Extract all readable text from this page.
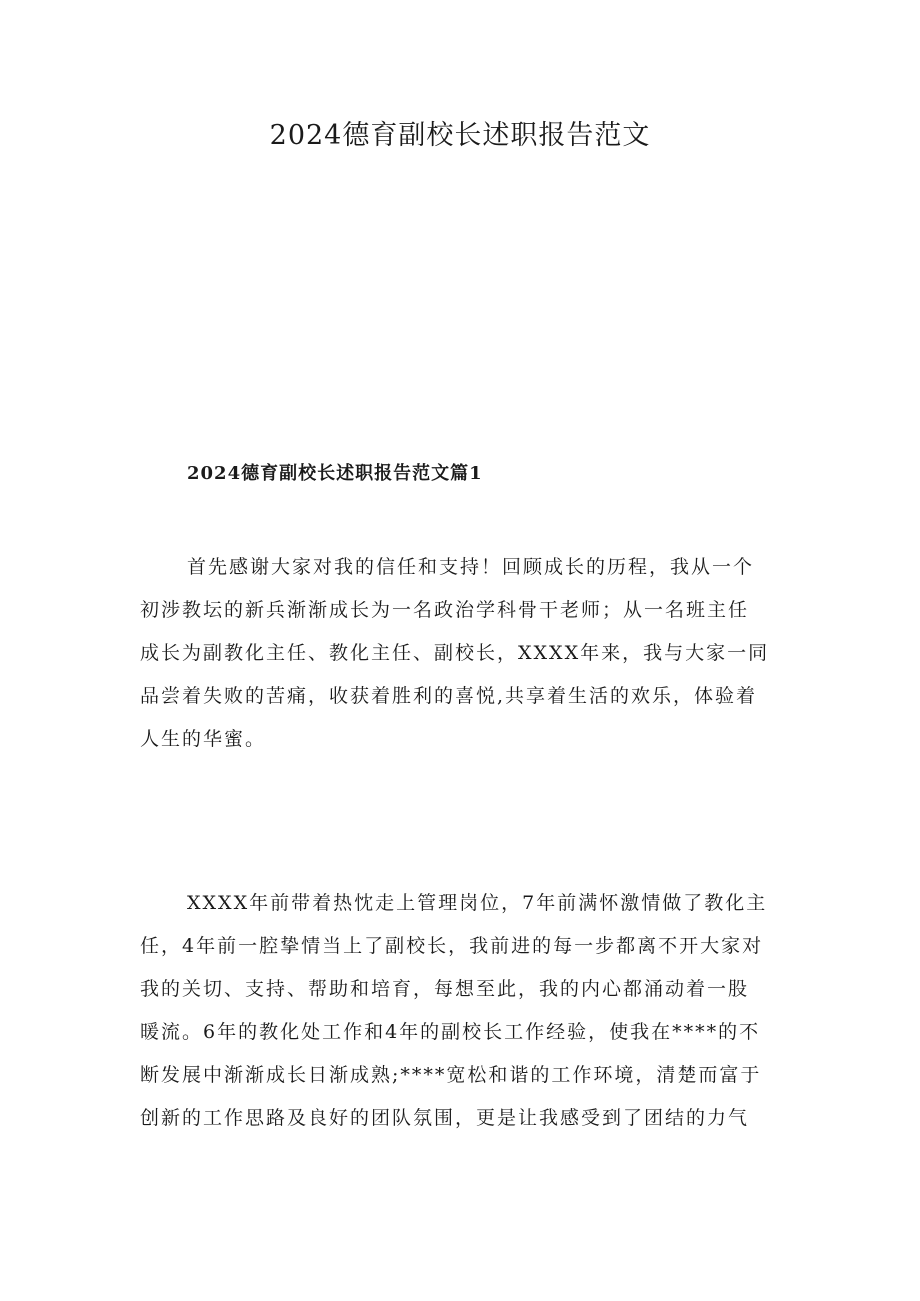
2024德育副校长述职报告范文
2024德育副校长述职报告范文篇1

首先感谢大家对我的信任和支持！回顾成长的历程，我从一个
初涉教坛的新兵渐渐成长为一名政治学科骨干老师；从一名班主任
成长为副教化主任、教化主任、副校长，XXXX年来，我与大家一同
品尝着失败的苦痛，收获着胜利的喜悦,共享着生活的欢乐，体验着
人生的华蜜。

XXXX年前带着热忱走上管理岗位，7年前满怀激情做了教化主
任，4年前一腔挚情当上了副校长，我前进的每一步都离不开大家对
我的关切、支持、帮助和培育，每想至此，我的内心都涌动着一股
暖流。6年的教化处工作和4年的副校长工作经验，使我在****的不
断发展中渐渐成长日渐成熟;****宽松和谐的工作环境，清楚而富于
创新的工作思路及良好的团队氛围，更是让我感受到了团结的力气
